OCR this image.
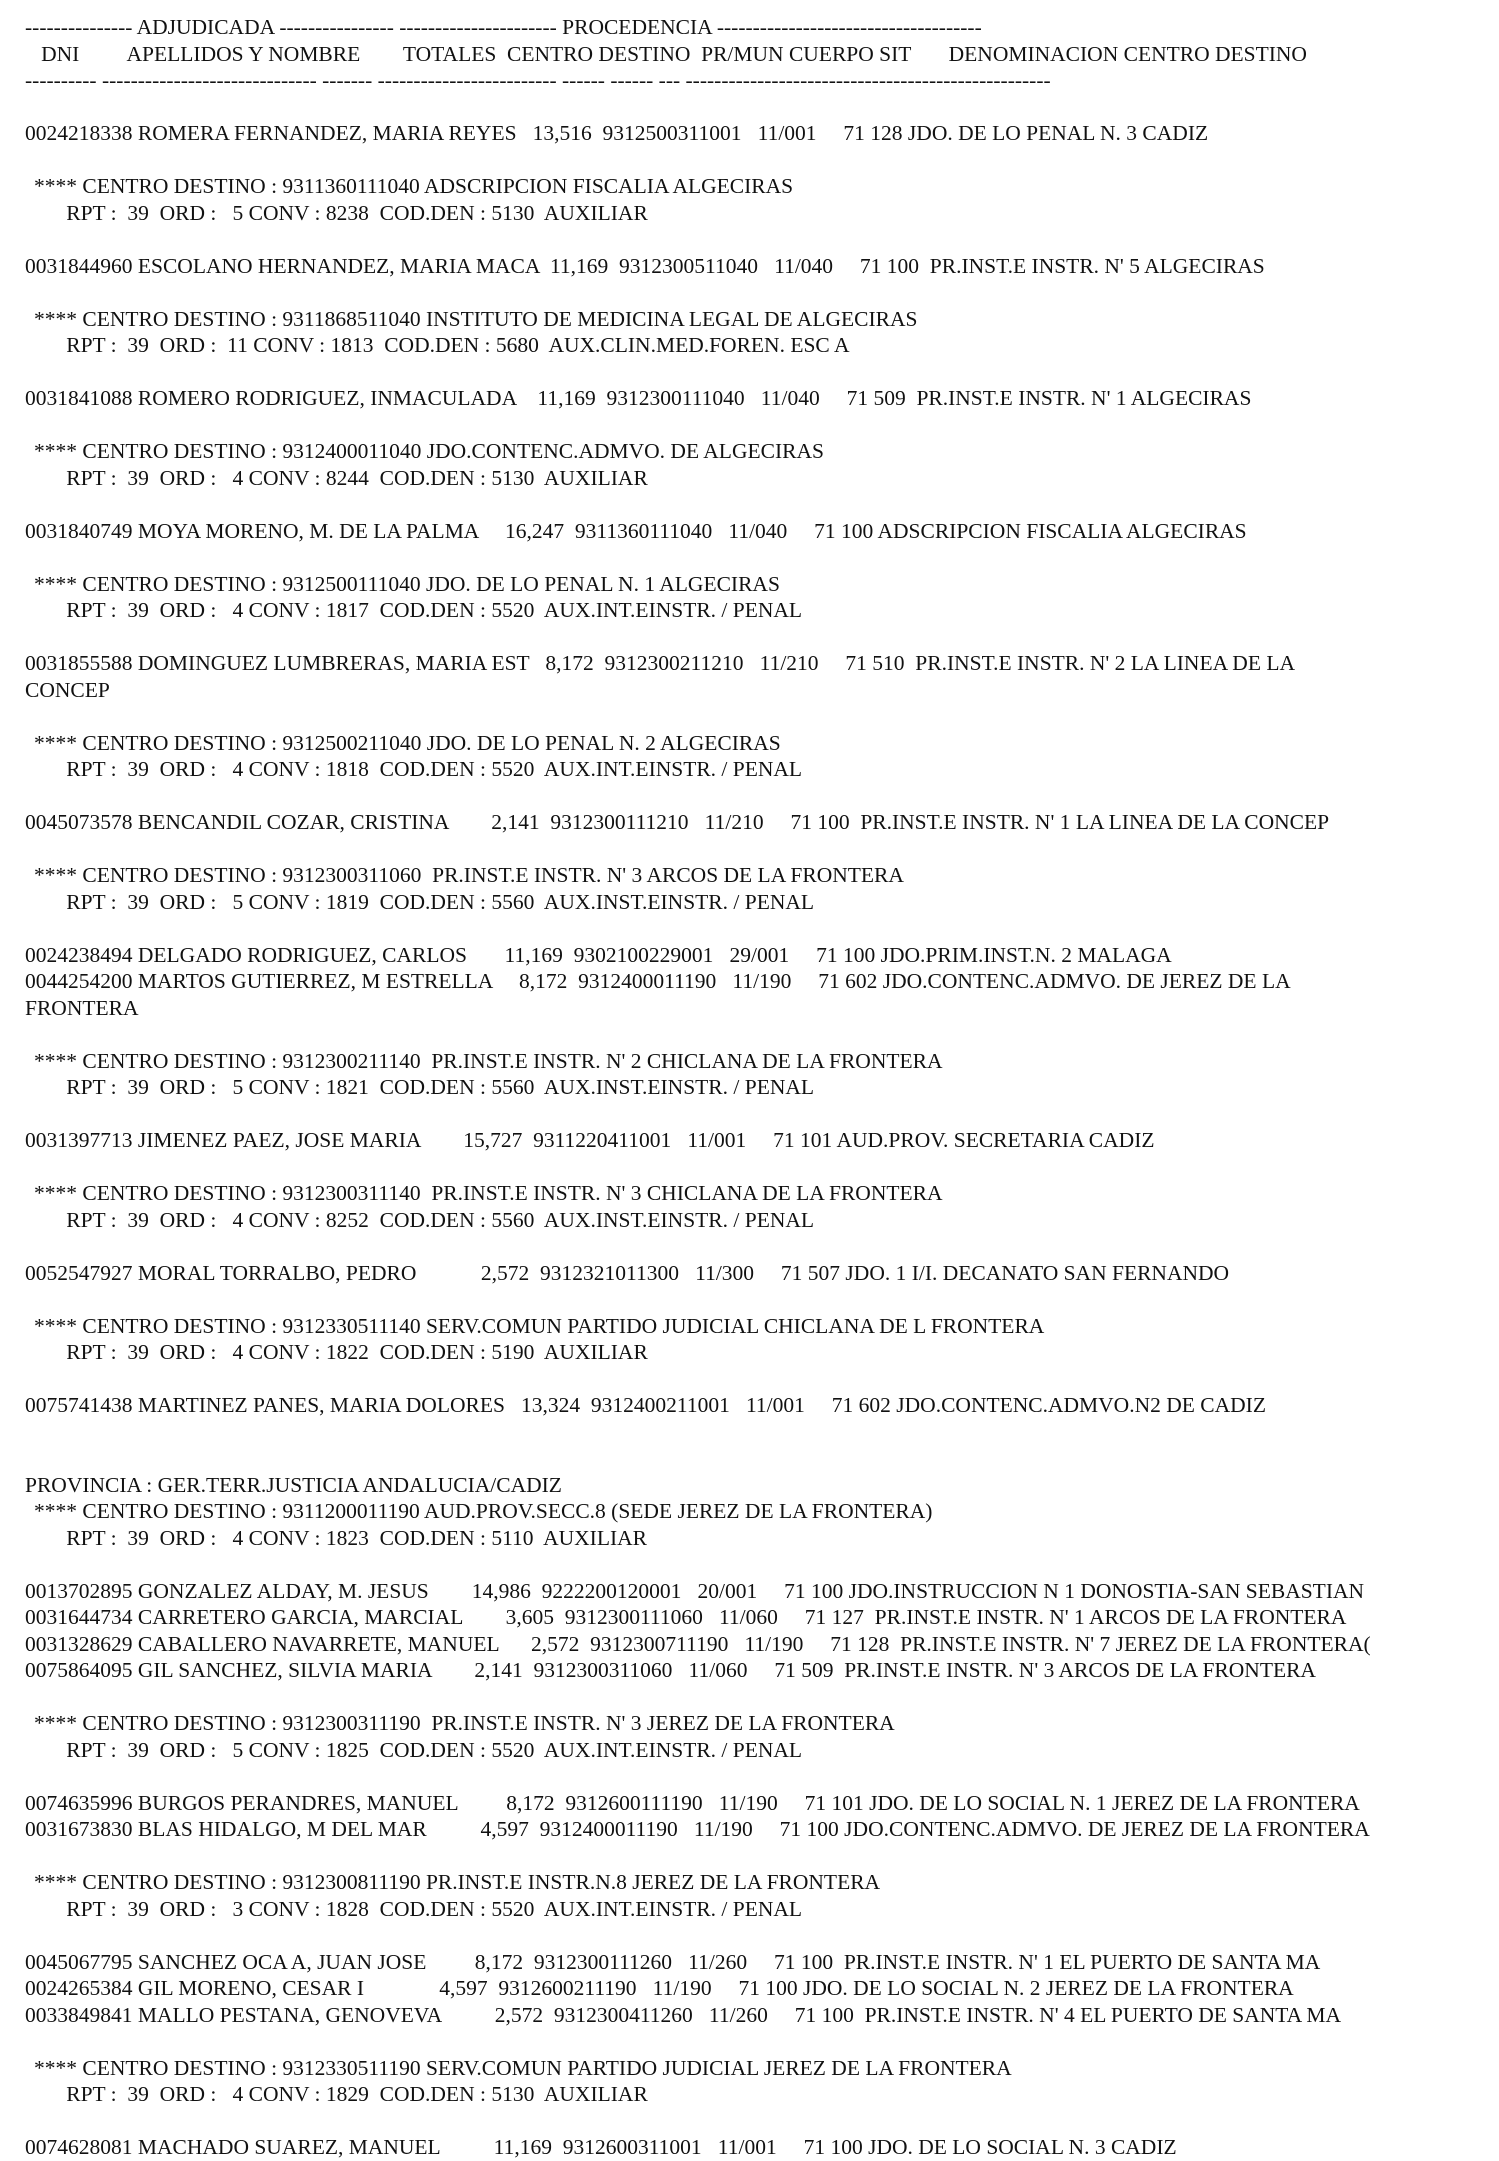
--------------- ADJUDICADA ---------------- ---------------------- PROCEDENCIA -------------------------------------
DNI         APELLIDOS Y NOMBRE        TOTALES  CENTRO DESTINO  PR/MUN CUERPO SIT       DENOMINACION CENTRO DESTINO
---------- ------------------------------ ------- ------------------------- ------ ------ --- ---------------------------------------------------
0024218338 ROMERA FERNANDEZ, MARIA REYES   13,516  9312500311001   11/001     71 128 JDO. DE LO PENAL N. 3 CADIZ
**** CENTRO DESTINO : 9311360111040 ADSCRIPCION FISCALIA ALGECIRAS
RPT :  39  ORD :   5 CONV : 8238  COD.DEN : 5130  AUXILIAR
0031844960 ESCOLANO HERNANDEZ, MARIA MACA  11,169  9312300511040   11/040     71 100  PR.INST.E INSTR. N' 5 ALGECIRAS
**** CENTRO DESTINO : 9311868511040 INSTITUTO DE MEDICINA LEGAL DE ALGECIRAS
RPT :  39  ORD :  11 CONV : 1813  COD.DEN : 5680  AUX.CLIN.MED.FOREN. ESC A
0031841088 ROMERO RODRIGUEZ, INMACULADA    11,169  9312300111040   11/040     71 509  PR.INST.E INSTR. N' 1 ALGECIRAS
**** CENTRO DESTINO : 9312400011040 JDO.CONTENC.ADMVO. DE ALGECIRAS
RPT :  39  ORD :   4 CONV : 8244  COD.DEN : 5130  AUXILIAR
0031840749 MOYA MORENO, M. DE LA PALMA     16,247  9311360111040   11/040     71 100 ADSCRIPCION FISCALIA ALGECIRAS
**** CENTRO DESTINO : 9312500111040 JDO. DE LO PENAL N. 1 ALGECIRAS
RPT :  39  ORD :   4 CONV : 1817  COD.DEN : 5520  AUX.INT.EINSTR. / PENAL
0031855588 DOMINGUEZ LUMBRERAS, MARIA EST   8,172  9312300211210   11/210     71 510  PR.INST.E INSTR. N' 2 LA LINEA DE LA
CONCEP
**** CENTRO DESTINO : 9312500211040 JDO. DE LO PENAL N. 2 ALGECIRAS
RPT :  39  ORD :   4 CONV : 1818  COD.DEN : 5520  AUX.INT.EINSTR. / PENAL
0045073578 BENCANDIL COZAR, CRISTINA        2,141  9312300111210   11/210     71 100  PR.INST.E INSTR. N' 1 LA LINEA DE LA CONCEP
**** CENTRO DESTINO : 9312300311060  PR.INST.E INSTR. N' 3 ARCOS DE LA FRONTERA
RPT :  39  ORD :   5 CONV : 1819  COD.DEN : 5560  AUX.INST.EINSTR. / PENAL
0024238494 DELGADO RODRIGUEZ, CARLOS       11,169  9302100229001   29/001     71 100 JDO.PRIM.INST.N. 2 MALAGA
0044254200 MARTOS GUTIERREZ, M ESTRELLA     8,172  9312400011190   11/190     71 602 JDO.CONTENC.ADMVO. DE JEREZ DE LA
FRONTERA
**** CENTRO DESTINO : 9312300211140  PR.INST.E INSTR. N' 2 CHICLANA DE LA FRONTERA
RPT :  39  ORD :   5 CONV : 1821  COD.DEN : 5560  AUX.INST.EINSTR. / PENAL
0031397713 JIMENEZ PAEZ, JOSE MARIA        15,727  9311220411001   11/001     71 101 AUD.PROV. SECRETARIA CADIZ
**** CENTRO DESTINO : 9312300311140  PR.INST.E INSTR. N' 3 CHICLANA DE LA FRONTERA
RPT :  39  ORD :   4 CONV : 8252  COD.DEN : 5560  AUX.INST.EINSTR. / PENAL
0052547927 MORAL TORRALBO, PEDRO            2,572  9312321011300   11/300     71 507 JDO. 1 I/I. DECANATO SAN FERNANDO
**** CENTRO DESTINO : 9312330511140 SERV.COMUN PARTIDO JUDICIAL CHICLANA DE L FRONTERA
RPT :  39  ORD :   4 CONV : 1822  COD.DEN : 5190  AUXILIAR
0075741438 MARTINEZ PANES, MARIA DOLORES   13,324  9312400211001   11/001     71 602 JDO.CONTENC.ADMVO.N2 DE CADIZ
PROVINCIA : GER.TERR.JUSTICIA ANDALUCIA/CADIZ
**** CENTRO DESTINO : 9311200011190 AUD.PROV.SECC.8 (SEDE JEREZ DE LA FRONTERA)
RPT :  39  ORD :   4 CONV : 1823  COD.DEN : 5110  AUXILIAR
0013702895 GONZALEZ ALDAY, M. JESUS        14,986  9222200120001   20/001     71 100 JDO.INSTRUCCION N 1 DONOSTIA-SAN SEBASTIAN
0031644734 CARRETERO GARCIA, MARCIAL        3,605  9312300111060   11/060     71 127  PR.INST.E INSTR. N' 1 ARCOS DE LA FRONTERA
0031328629 CABALLERO NAVARRETE, MANUEL      2,572  9312300711190   11/190     71 128  PR.INST.E INSTR. N' 7 JEREZ DE LA FRONTERA(
0075864095 GIL SANCHEZ, SILVIA MARIA        2,141  9312300311060   11/060     71 509  PR.INST.E INSTR. N' 3 ARCOS DE LA FRONTERA
**** CENTRO DESTINO : 9312300311190  PR.INST.E INSTR. N' 3 JEREZ DE LA FRONTERA
RPT :  39  ORD :   5 CONV : 1825  COD.DEN : 5520  AUX.INT.EINSTR. / PENAL
0074635996 BURGOS PERANDRES, MANUEL         8,172  9312600111190   11/190     71 101 JDO. DE LO SOCIAL N. 1 JEREZ DE LA FRONTERA
0031673830 BLAS HIDALGO, M DEL MAR          4,597  9312400011190   11/190     71 100 JDO.CONTENC.ADMVO. DE JEREZ DE LA FRONTERA
**** CENTRO DESTINO : 9312300811190 PR.INST.E INSTR.N.8 JEREZ DE LA FRONTERA
RPT :  39  ORD :   3 CONV : 1828  COD.DEN : 5520  AUX.INT.EINSTR. / PENAL
0045067795 SANCHEZ OCA A, JUAN JOSE         8,172  9312300111260   11/260     71 100  PR.INST.E INSTR. N' 1 EL PUERTO DE SANTA MA
0024265384 GIL MORENO, CESAR I              4,597  9312600211190   11/190     71 100 JDO. DE LO SOCIAL N. 2 JEREZ DE LA FRONTERA
0033849841 MALLO PESTANA, GENOVEVA          2,572  9312300411260   11/260     71 100  PR.INST.E INSTR. N' 4 EL PUERTO DE SANTA MA
**** CENTRO DESTINO : 9312330511190 SERV.COMUN PARTIDO JUDICIAL JEREZ DE LA FRONTERA
RPT :  39  ORD :   4 CONV : 1829  COD.DEN : 5130  AUXILIAR
0074628081 MACHADO SUAREZ, MANUEL          11,169  9312600311001   11/001     71 100 JDO. DE LO SOCIAL N. 3 CADIZ
